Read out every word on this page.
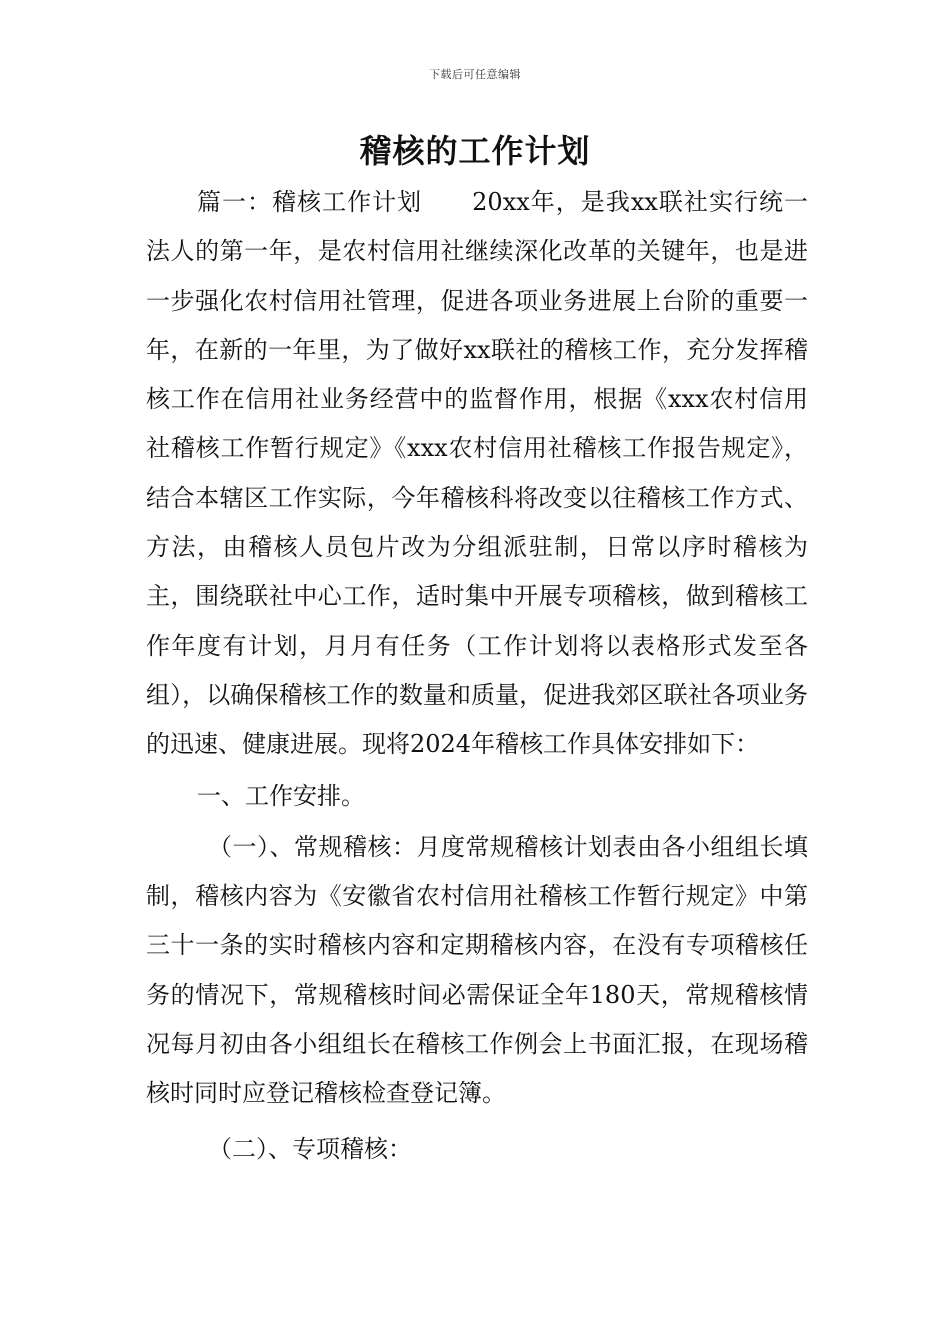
下载后可任意编辑
稽核的工作计划

篇一：稽核工作计划　　20xx年，是我xx联社实行统一法人的第一年，是农村信用社继续深化改革的关键年，也是进一步强化农村信用社管理，促进各项业务进展上台阶的重要一年，在新的一年里，为了做好xx联社的稽核工作，充分发挥稽核工作在信用社业务经营中的监督作用，根据《xxx农村信用社稽核工作暂行规定》《xxx农村信用社稽核工作报告规定》，结合本辖区工作实际，今年稽核科将改变以往稽核工作方式、方法，由稽核人员包片改为分组派驻制，日常以序时稽核为主，围绕联社中心工作，适时集中开展专项稽核，做到稽核工作年度有计划，月月有任务（工作计划将以表格形式发至各组），以确保稽核工作的数量和质量，促进我郊区联社各项业务的迅速、健康进展。现将2024年稽核工作具体安排如下：

一、工作安排。

（一）、常规稽核：月度常规稽核计划表由各小组组长填制，稽核内容为《安徽省农村信用社稽核工作暂行规定》中第三十一条的实时稽核内容和定期稽核内容，在没有专项稽核任务的情况下，常规稽核时间必需保证全年180天，常规稽核情况每月初由各小组组长在稽核工作例会上书面汇报，在现场稽核时同时应登记稽核检查登记簿。

（二）、专项稽核：
